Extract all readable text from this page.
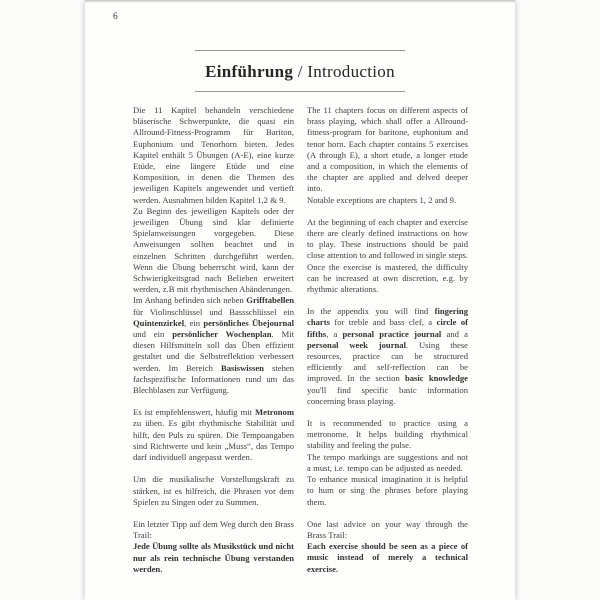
6
Einführung / Introduction

Die 11 Kapitel behandeln verschiedene bläserische Schwerpunkte, die quasi ein Allround-Fitness-Programm für Bariton, Euphonium und Tenorhorn bieten. Jedes Kapitel enthält 5 Übungen (A-E), eine kurze Etüde, eine längere Etüde und eine Komposition, in denen die Themen des jeweiligen Kapitels angewendet und vertieft werden. Ausnahmen bilden Kapitel 1,2 & 9.

Zu Beginn des jeweiligen Kapitels oder der jeweiligen Übung sind klar definierte Spielanweisungen vorgegeben. Diese Anweisungen sollten beachtet und in einzelnen Schritten durchgeführt werden. Wenn die Übung beherrscht wird, kann der Schwierigkeitsgrad nach Belieben erweitert werden, z.B mit rhythmischen Abänderungen.

Im Anhang befinden sich neben Grifftabellen für Violinschlüssel und Bassschlüssel ein Quintenzirkel, ein persönliches Übejournal und ein persönlicher Wochenplan. Mit diesen Hilfsmitteln soll das Üben effizient gestaltet und die Selbstreflektion verbessert werden. Im Bereich Basiswissen stehen fachspezifische Informationen rund um das Blechblasen zur Verfügung.

Es ist empfehlenswert, häufig mit Metronom zu üben. Es gibt rhythmische Stabilität und hilft, den Puls zu spüren. Die Tempoangaben sind Richtwerte und kein „Muss“, das Tempo darf individuell angepasst werden.

Um die musikalische Vorstellungskraft zu stärken, ist es hilfreich, die Phrasen vor dem Spielen zu Singen oder zu Summen.

Ein letzter Tipp auf dem Weg durch den Brass Trail:

Jede Übung sollte als Musikstück und nicht nur als rein technische Übung verstanden werden.

The 11 chapters focus on different aspects of brass playing, which shall offer a Allround-fitness-program for baritone, euphonium and tenor horn. Each chapter contains 5 exercises (A through E), a short etude, a longer etude and a composition, in which the elements of the chapter are applied and delved deeper into.

Notable exceptions are chapters 1, 2 and 9.

At the beginning of each chapter and exercise there are clearly defined instructions on how to play. These instructions should be paid close attention to and followed in single steps. Once the exercise is mastered, the difficulty can be increased at own discretion, e.g. by rhythmic alterations.

In the appendix you will find fingering charts for treble and bass clef, a circle of fifths, a personal practice journal and a personal week journal. Using these resources, practice can be structured efficiently and self-reflection can be improved. In the section basic knowledge you'll find specific basic information concerning brass playing.

It is recommended to practice using a metronome. It helps building rhythmical stability and feeling the pulse.

The tempo markings are suggestions and not a must, i.e. tempo can be adjusted as needed.

To enhance musical imagination it is helpful to hum or sing the phrases before playing them.

One last advice on your way through the Brass Trail:

Each exercise should be seen as a piece of music instead of merely a technical exercise.
